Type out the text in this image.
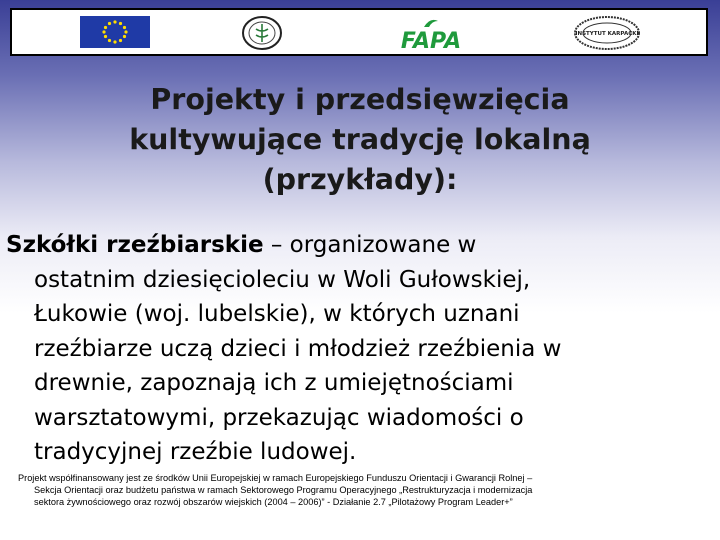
FAPA	INSTYTUT KARPACKI
Projekty i przedsięwzięcia
kultywujące tradycję lokalną
(przykłady):
Szkółki rzeźbiarskie – organizowane w
ostatnim dziesięcioleciu w Woli Gułowskiej,
Łukowie (woj. lubelskie), w których uznani
rzeźbiarze uczą dzieci i młodzież rzeźbienia w
drewnie, zapoznają ich z umiejętnościami
warsztatowymi, przekazując wiadomości o
tradycyjnej rzeźbie ludowej.
Projekt współfinansowany jest ze środków Unii Europejskiej w ramach Europejskiego Funduszu Orientacji i Gwarancji Rolnej –
Sekcja Orientacji oraz budżetu państwa w ramach Sektorowego Programu Operacyjnego „Restrukturyzacja i modernizacja
sektora żywnościowego oraz rozwój obszarów wiejskich (2004 – 2006)” - Działanie 2.7 „Pilotażowy Program Leader+”
